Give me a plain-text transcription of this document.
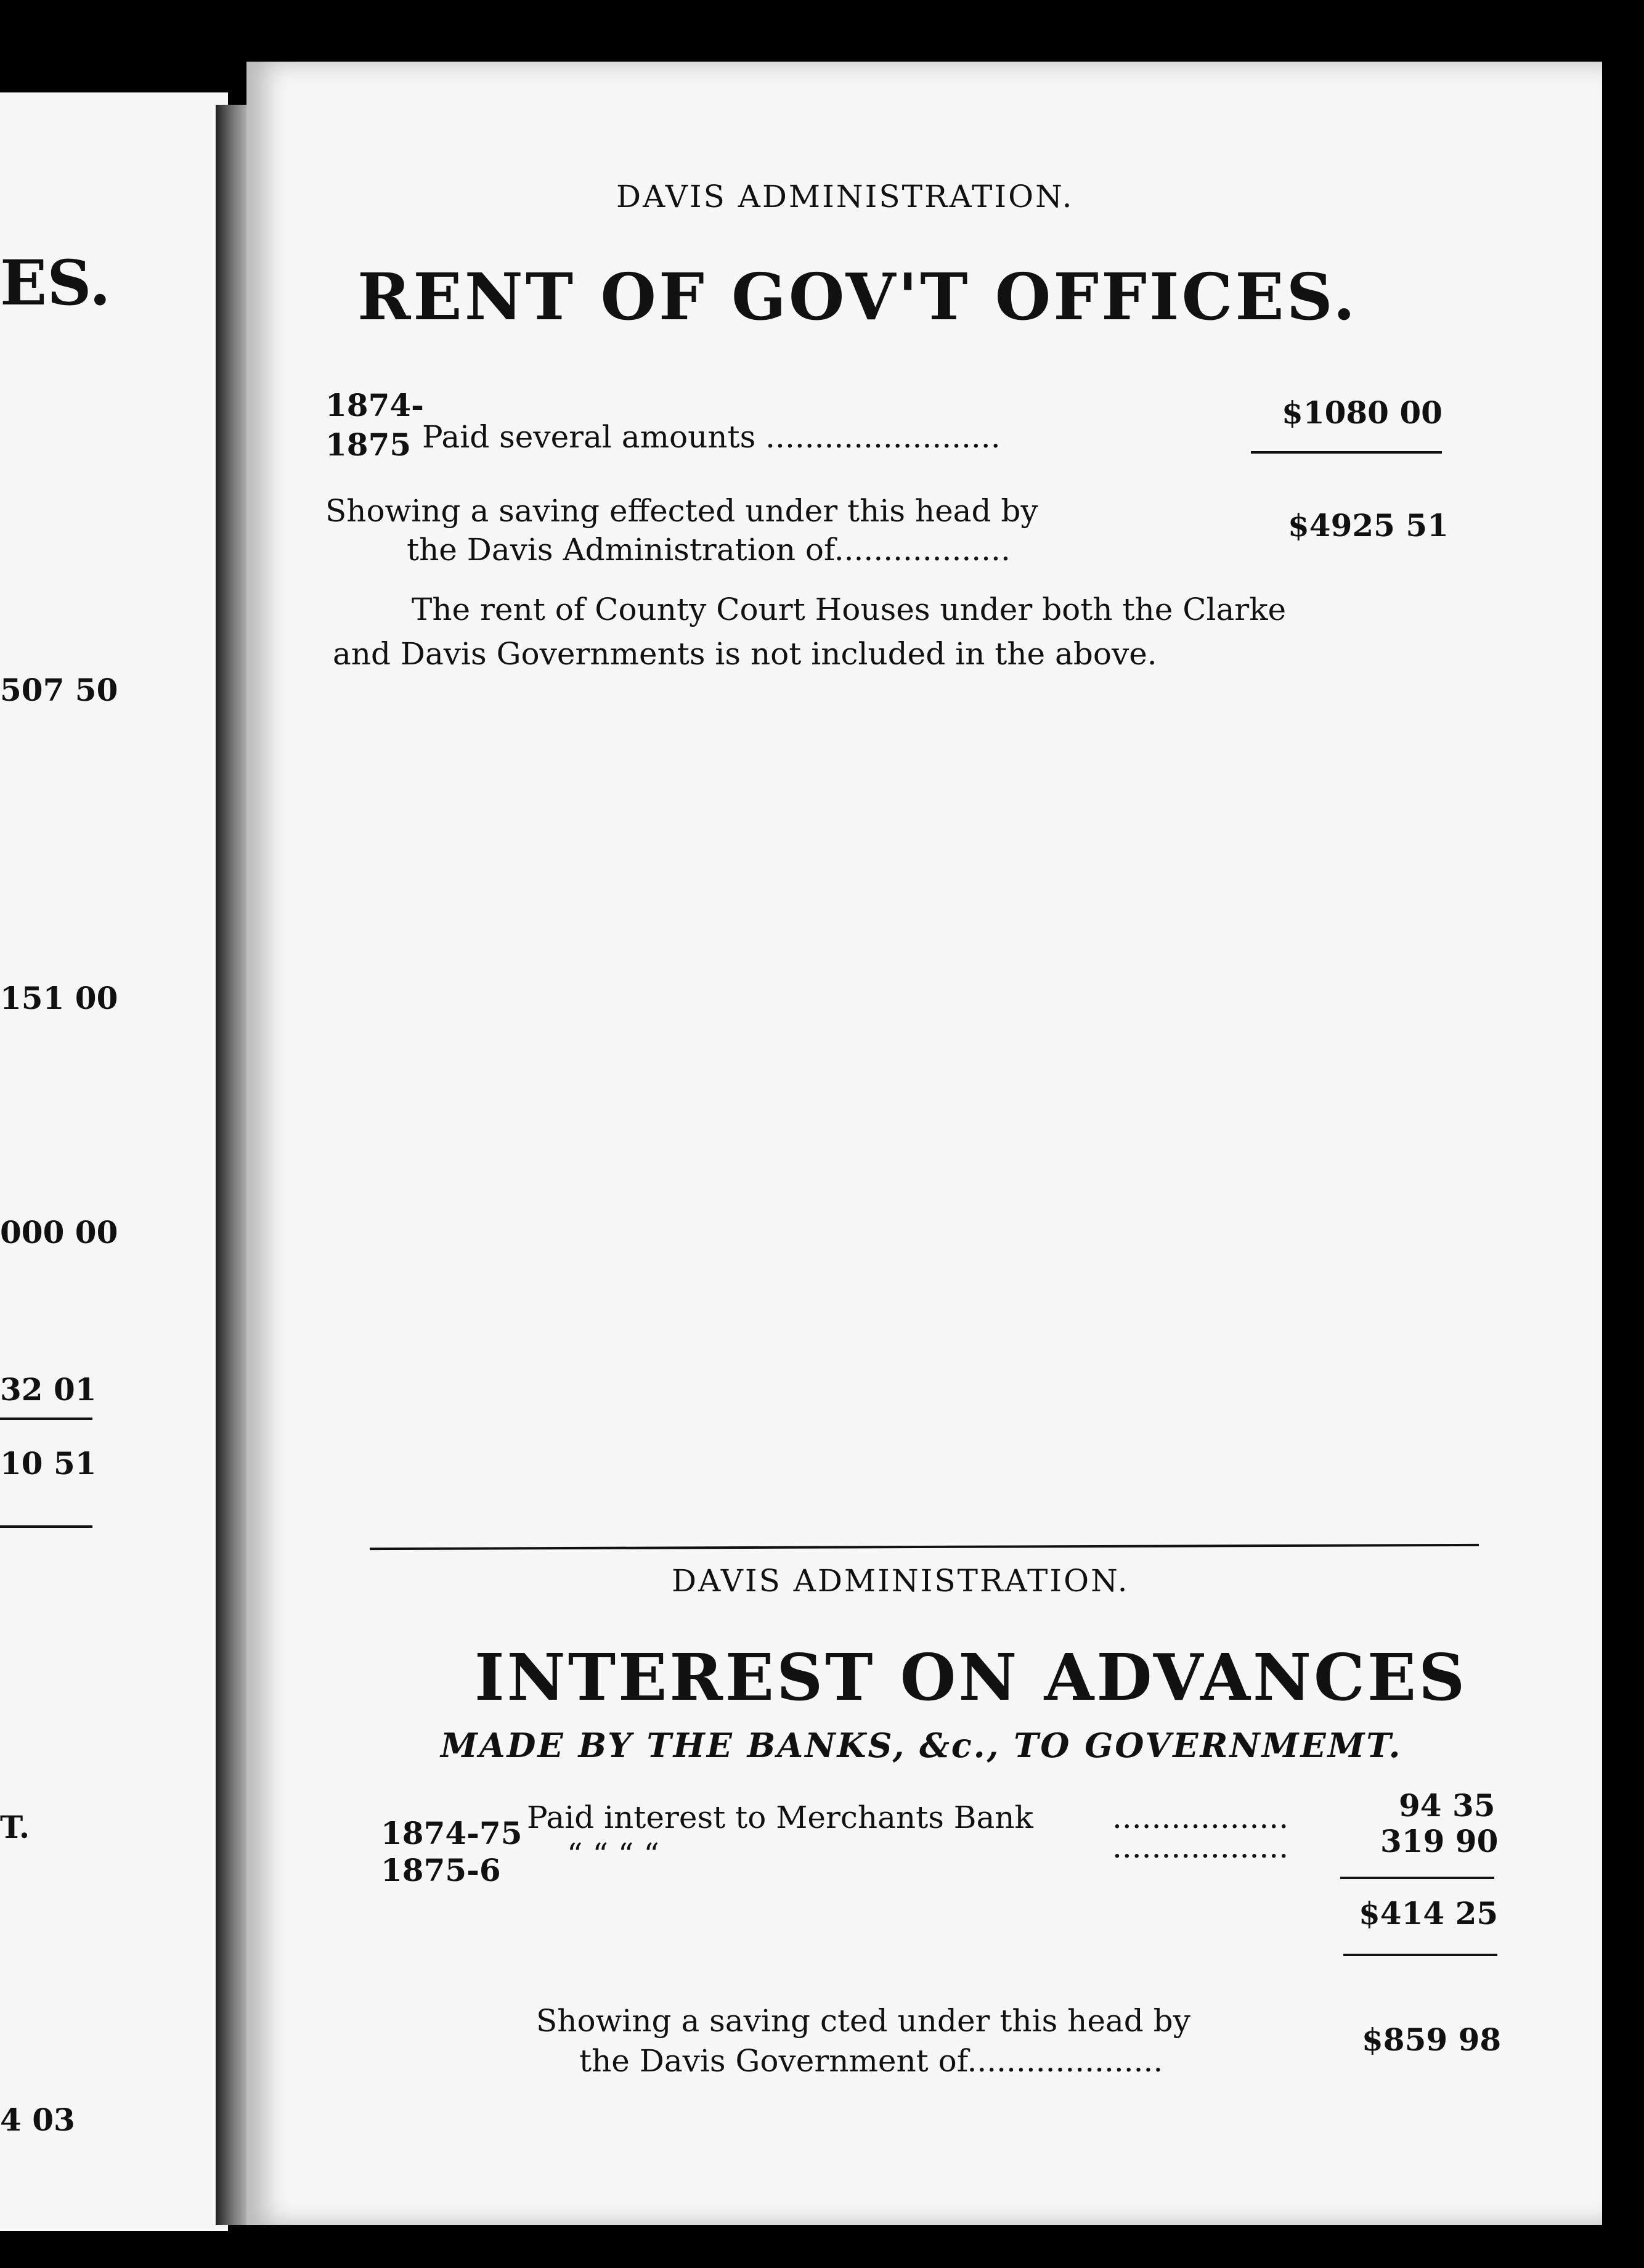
ES.
507 50
151 00
000 00
32 01
10 51
T.
4 03
DAVIS ADMINISTRATION.
RENT OF GOV'T OFFICES.
1874-
1875 Paid several amounts ........................
$1080 00
Showing a saving effected under this head by
the Davis Administration of..................
$4925 51
The rent of County Court Houses under both the Clarke
and Davis Governments is not included in the above.
DAVIS ADMINISTRATION.
INTEREST ON ADVANCES
MADE BY THE BANKS, &c., TO GOVERNMEMT.
1874-75 Paid interest to Merchants Bank	..................	94 35
1875-6 “ “ “ “	..................	319 90
$414 25
Showing a saving cted under this head by
the Davis Government of....................
$859 98
